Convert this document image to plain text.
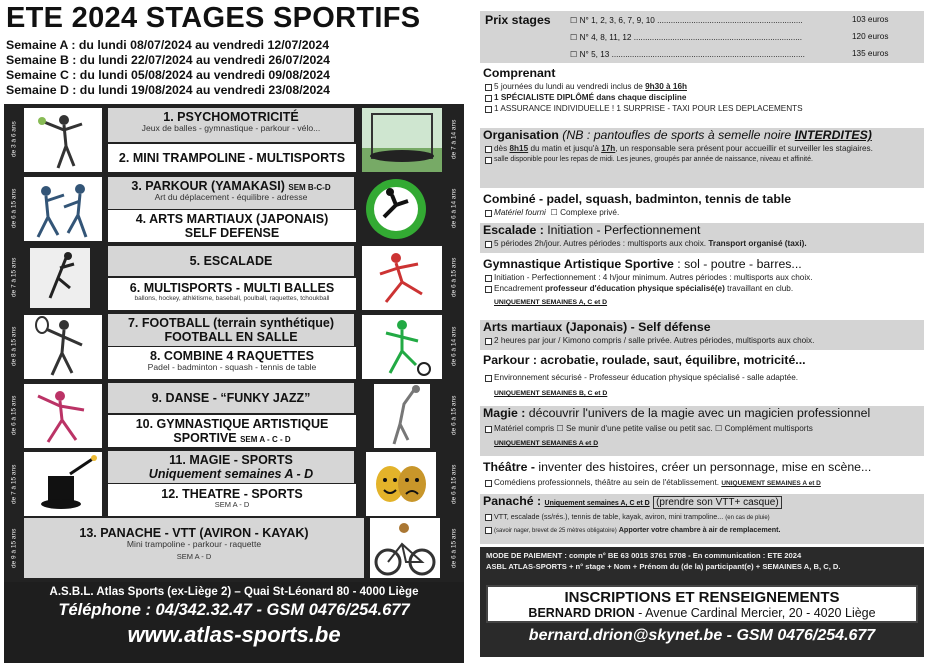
ETE 2024 STAGES SPORTIFS
Semaine A : du lundi 08/07/2024 au vendredi 12/07/2024
Semaine B : du lundi 22/07/2024 au vendredi 26/07/2024
Semaine C : du lundi 05/08/2024 au vendredi 09/08/2024
Semaine D : du lundi 19/08/2024 au vendredi 23/08/2024
de 3 à 6 ans	de 7 à 14 ans
de 6 à 15 ans	de 6 à 14 ans
de 7 à 15 ans	de 6 à 15 ans
de 8 à 15 ans	de 6 à 14 ans
de 6 à 15 ans	de 6 à 15 ans
de 7 à 15 ans	de 6 à 15 ans
de 9 à 15 ans	de 6 à 15 ans
1. PSYCHOMOTRICITÉ
Jeux de balles - gymnastique - parkour - vélo...
2. MINI TRAMPOLINE - MULTISPORTS
3. PARKOUR (YAMAKASI) SEM B-C-D
Art du déplacement - équilibre - adresse
4. ARTS MARTIAUX (JAPONAIS)
SELF DEFENSE
5. ESCALADE
6. MULTISPORTS - MULTI BALLES
ballons, hockey, athlétisme, baseball, poulball, raquettes, tchoukball
7. FOOTBALL (terrain synthétique)
FOOTBALL EN SALLE
8. COMBINE 4 RAQUETTES
Padel - badminton - squash - tennis de table
9. DANSE - “FUNKY JAZZ”
10. GYMNASTIQUE ARTISTIQUE
SPORTIVE SEM A - C - D
11. MAGIE - SPORTS
Uniquement semaines A - D
12. THEATRE - SPORTS
SEM A - D
13. PANACHE - VTT (AVIRON - KAYAK)
Mini trampoline - parkour - raquette
SEM A - D
A.S.B.L. Atlas Sports (ex-Liège 2) – Quai St-Léonard 80 - 4000 Liège
Téléphone : 04/342.32.47 - GSM 0476/254.677
www.atlas-sports.be
Prix stages ☐ N° 1, 2, 3, 6, 7, 9, 10 ................................................................	103 euros
☐ N° 4, 8, 11, 12 ..........................................................................	120 euros
☐ N° 5, 13 .....................................................................................	135 euros
Comprenant
5 journées du lundi au vendredi inclus de 9h30 à 16h
1 SPÉCIALISTE DIPLÔMÉ dans chaque discipline
1 ASSURANCE INDIVIDUELLE ! 1 SURPRISE - TAXI POUR LES DEPLACEMENTS
Organisation (NB : pantoufles de sports à semelle noire INTERDITES)
dès 8h15 du matin et jusqu'à 17h, un responsable sera présent pour accueillir et surveiller les stagiaires.
salle disponible pour les repas de midi. Les jeunes, groupés par année de naissance, niveau et affinité.
Combiné - padel, squash, badminton, tennis de table
Matériel fourni  ☐ Complexe privé.
Escalade : Initiation - Perfectionnement
5 périodes 2h/jour. Autres périodes : multisports aux choix. Transport organisé (taxi).
Gymnastique Artistique Sportive : sol - poutre - barres...
Initiation - Perfectionnement : 4 h/jour minimum. Autres périodes : multisports aux choix.
Encadrement professeur d'éducation physique spécialisé(e) travaillant en club.
UNIQUEMENT SEMAINES A, C et D
Arts martiaux (Japonais) - Self défense
2 heures par jour / Kimono compris / salle privée. Autres périodes, multisports aux choix.
Parkour : acrobatie, roulade, saut, équilibre, motricité...
Environnement sécurisé - Professeur éducation physique spécialisé - salle adaptée.
UNIQUEMENT SEMAINES B, C et D
Magie : découvrir l'univers de la magie avec un magicien professionnel
Matériel compris ☐ Se munir d'une petite valise ou petit sac. ☐ Complément multisports
UNIQUEMENT SEMAINES A et D
Théâtre - inventer des histoires, créer un personnage, mise en scène...
Comédiens professionnels, théâtre au sein de l'établissement. UNIQUEMENT SEMAINES A et D
Panaché : Uniquement semaines A, C et D (prendre son VTT+ casque)
VTT, escalade (ss/rés.), tennis de table, kayak, aviron, mini trampoline... (en cas de pluie)
(savoir nager, brevet de 25 mètres obligatoire) Apporter votre chambre à air de remplacement.
MODE DE PAIEMENT : compte n° BE 63 0015 3761 5708 - En communication : ETE 2024
ASBL ATLAS-SPORTS + n° stage + Nom + Prénom du (de la) participant(e) + SEMAINES A, B, C, D.
INSCRIPTIONS ET RENSEIGNEMENTS
BERNARD DRION - Avenue Cardinal Mercier, 20 - 4020 Liège
bernard.drion@skynet.be - GSM 0476/254.677
